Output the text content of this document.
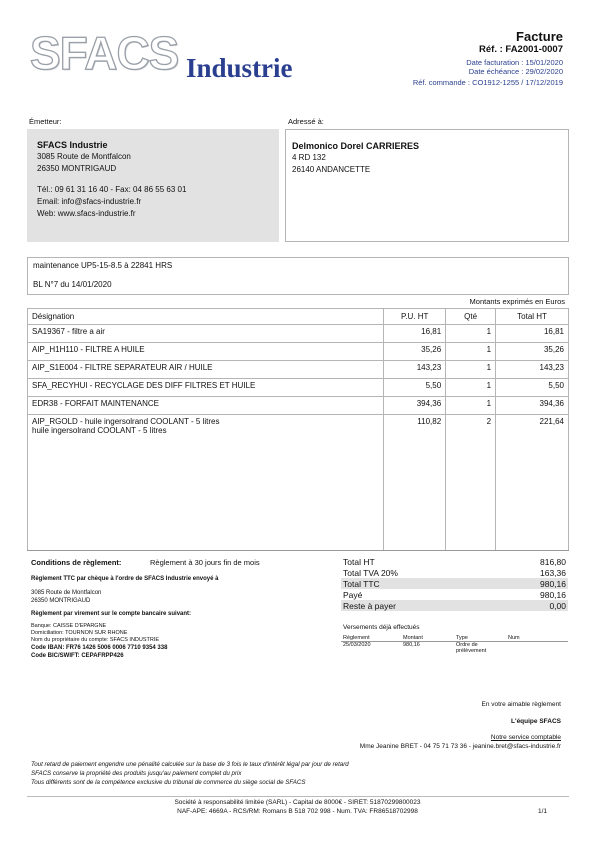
SFACS Industrie
Facture
Réf. : FA2001-0007
Date facturation : 15/01/2020
Date échéance : 29/02/2020
Réf. commande : CO1912-1255 / 17/12/2019
Émetteur:
SFACS Industrie
3085 Route de Montfalcon
26350 MONTRIGAUD
Tél.: 09 61 31 16 40 - Fax: 04 86 55 63 01
Email: info@sfacs-industrie.fr
Web: www.sfacs-industrie.fr
Adressé à:
Delmonico Dorel CARRIERES
4 RD 132
26140 ANDANCETTE
maintenance UP5-15-8.5 à 22841 HRS
BL N°7 du 14/01/2020
Montants exprimés en Euros
Désignation	P.U. HT	Qté	Total HT
SA19367 - filtre a air	16,81	1	16,81
AIP_H1H110 - FILTRE A HUILE	35,26	1	35,26
AIP_S1E004 - FILTRE SEPARATEUR AIR / HUILE	143,23	1	143,23
SFA_RECYHUI - RECYCLAGE DES DIFF FILTRES ET HUILE	5,50	1	5,50
EDR38 - FORFAIT MAINTENANCE	394,36	1	394,36

AIP_RGOLD - huile ingersolrand COOLANT - 5 litres
huile ingersolrand COOLANT - 5 litres	110,82	2	221,64
Conditions de règlement:	Règlement à 30 jours fin de mois
Règlement TTC par chèque à l'ordre de SFACS Industrie envoyé à
3085 Route de Montfalcon
26350 MONTRIGAUD
Règlement par virement sur le compte bancaire suivant:
Banque: CAISSE D'EPARGNE
Domiciliation: TOURNON SUR RHONE
Nom du propriétaire du compte: SFACS INDUSTRIE
Code IBAN: FR76 1426 5006 0006 7710 9354 338
Code BIC/SWIFT: CEPAFRPP426
Total HT	816,80
Total TVA 20%	163,36
Total TTC	980,16
Payé	980,16
Reste à payer	0,00
Versements déjà effectués
Règlement	Montant	Type	Num
25/03/2020	980,16	Ordre de prélèvement	
En votre aimable règlement
L'équipe SFACS
Notre service comptable
Mme Jeanine BRET - 04 75 71 73 36 - jeanine.bret@sfacs-industrie.fr
Tout retard de paiement engendre une pénalité calculée sur la base de 3 fois le taux d'intérêt légal par jour de retard
SFACS conserve la propriété des produits jusqu'au paiement complet du prix
Tous différents sont de la compétence exclusive du tribunal de commerce du siège social de SFACS
Société à responsabilité limitée (SARL) - Capital de 8000€ - SIRET: 51870299800023
NAF-APE: 4669A - RCS/RM: Romans B 518 702 998 - Num. TVA: FR86518702998	1/1
